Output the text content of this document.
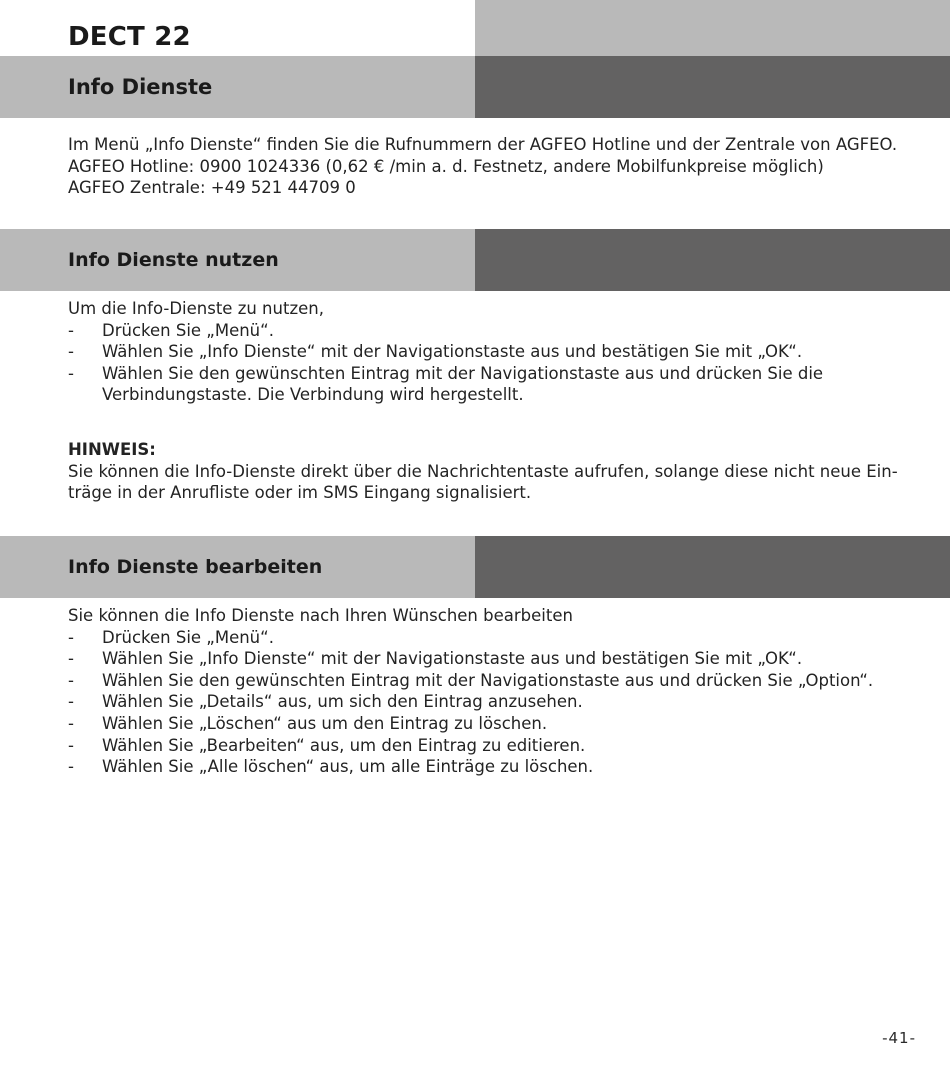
DECT 22
Info Dienste
Im Menü „Info Dienste“ finden Sie die Rufnummern der AGFEO Hotline und der Zentrale von AGFEO.
AGFEO Hotline: 0900 1024336 (0,62 € /min a. d. Festnetz, andere Mobilfunkpreise möglich)
AGFEO Zentrale: +49 521 44709 0
Info Dienste nutzen
Um die Info-Dienste zu nutzen,
- Drücken Sie „Menü“.
- Wählen Sie „Info Dienste“ mit der Navigationstaste aus und bestätigen Sie mit „OK“.
- Wählen Sie den gewünschten Eintrag mit der Navigationstaste aus und drücken Sie die
Verbindungstaste. Die Verbindung wird hergestellt.
HINWEIS:
Sie können die Info-Dienste direkt über die Nachrichtentaste aufrufen, solange diese nicht neue Ein-
träge in der Anrufliste oder im SMS Eingang signalisiert.
Info Dienste bearbeiten
Sie können die Info Dienste nach Ihren Wünschen bearbeiten
- Drücken Sie „Menü“.
- Wählen Sie „Info Dienste“ mit der Navigationstaste aus und bestätigen Sie mit „OK“.
- Wählen Sie den gewünschten Eintrag mit der Navigationstaste aus und drücken Sie „Option“.
- Wählen Sie „Details“ aus, um sich den Eintrag anzusehen.
- Wählen Sie „Löschen“ aus um den Eintrag zu löschen.
- Wählen Sie „Bearbeiten“ aus, um den Eintrag zu editieren.
- Wählen Sie „Alle löschen“ aus, um alle Einträge zu löschen.
-41-
